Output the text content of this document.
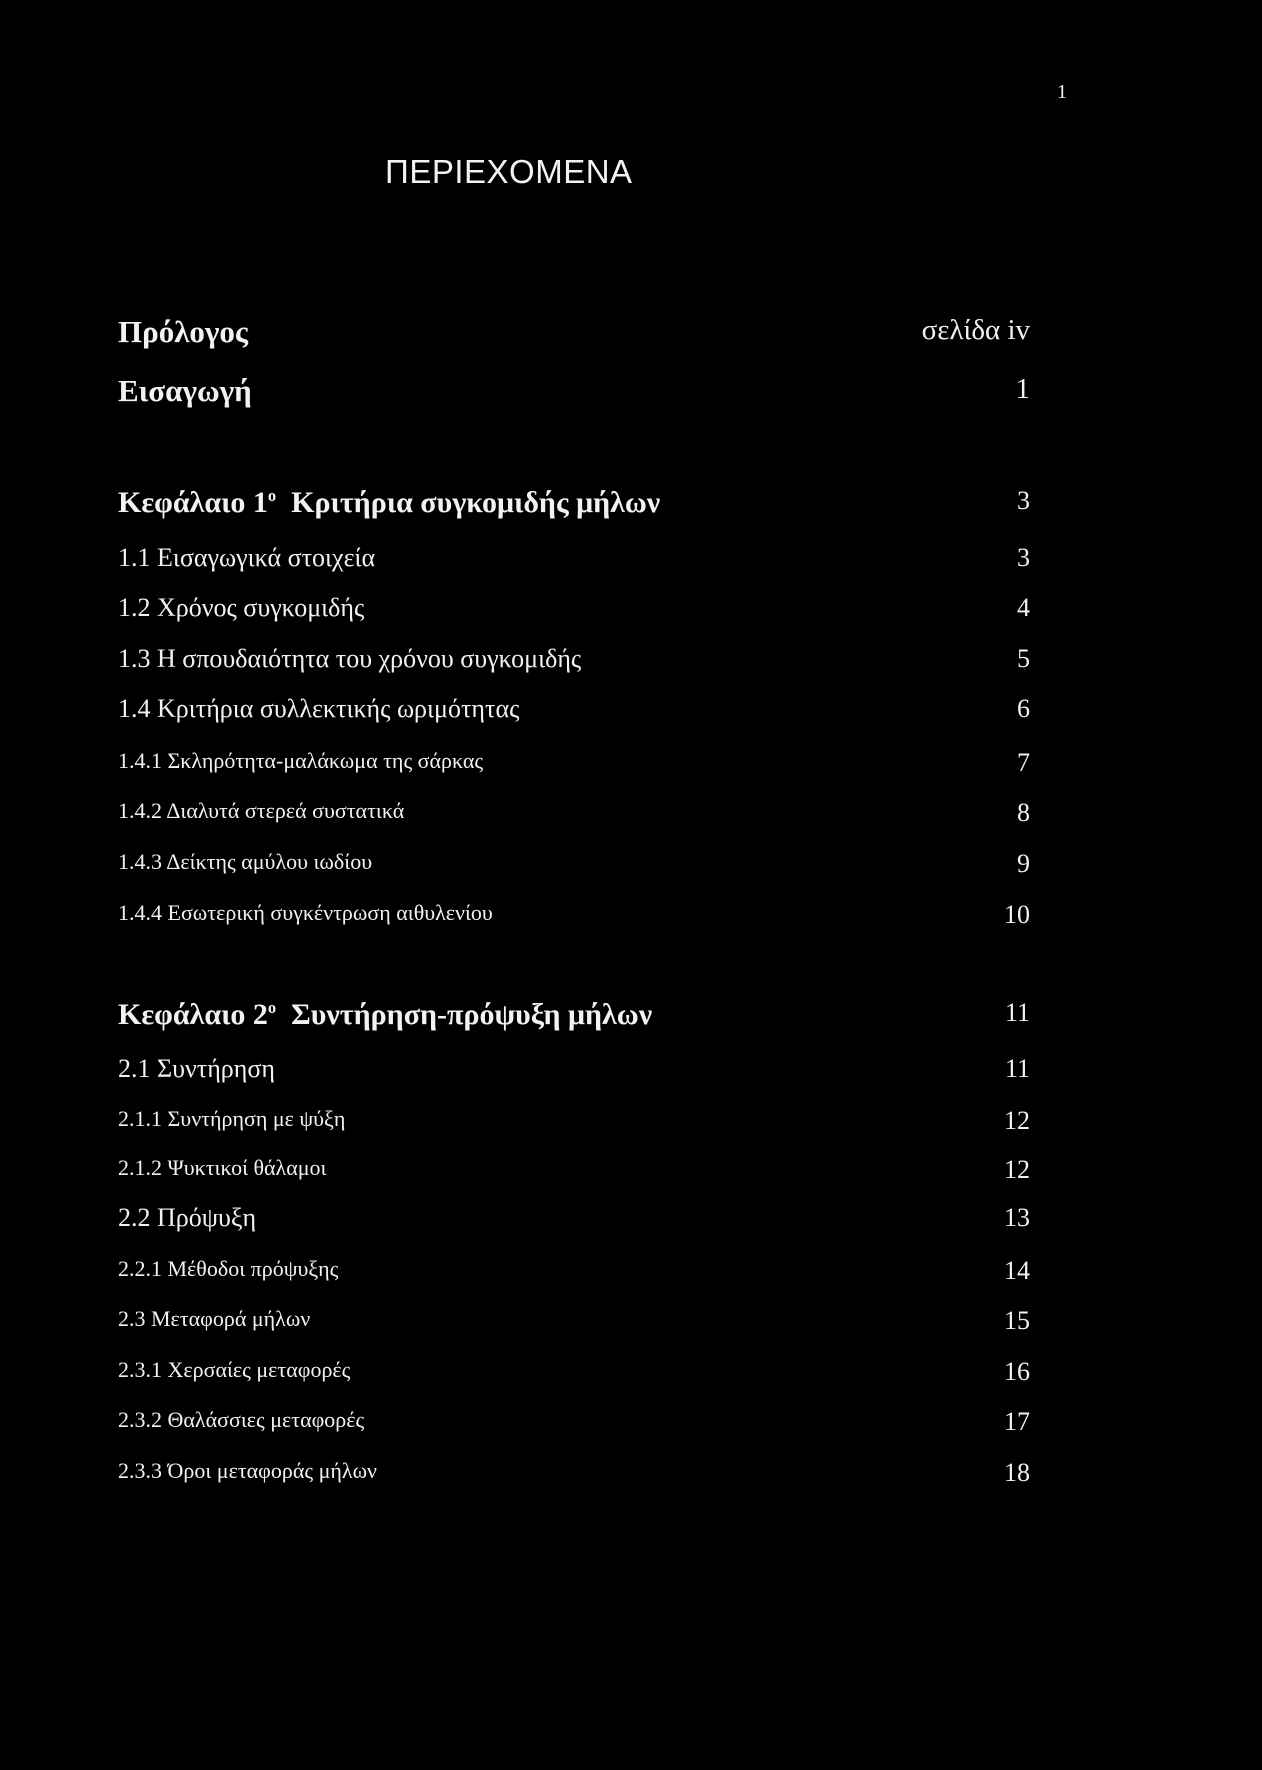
1
ΠΕΡΙΕΧΟΜΕΝΑ
Πρόλογος	σελίδα iv
Εισαγωγή	1
Κεφάλαιο $1^o$ Κριτήρια συγκομιδής μήλων	3
1.1 Εισαγωγικά στοιχεία	3
1.2 Χρόνος συγκομιδής	4
1.3 Η σπουδαιότητα του χρόνου συγκομιδής	5
1.4 Κριτήρια συλλεκτικής ωριμότητας	6
1.4.1 Σκληρότητα-μαλάκωμα της σάρκας	7
1.4.2 Διαλυτά στερεά συστατικά	8
1.4.3 Δείκτης αμύλου ιωδίου	9
1.4.4 Εσωτερική συγκέντρωση αιθυλενίου	10
Κεφάλαιο $2^o$ Συντήρηση-πρόψυξη μήλων	11
2.1 Συντήρηση	11
2.1.1 Συντήρηση με ψύξη	12
2.1.2 Ψυκτικοί θάλαμοι	12
2.2 Πρόψυξη	13
2.2.1 Μέθοδοι πρόψυξης	14
2.3 Μεταφορά μήλων	15
2.3.1 Χερσαίες μεταφορές	16
2.3.2 Θαλάσσιες μεταφορές	17
2.3.3 Όροι μεταφοράς μήλων	18
